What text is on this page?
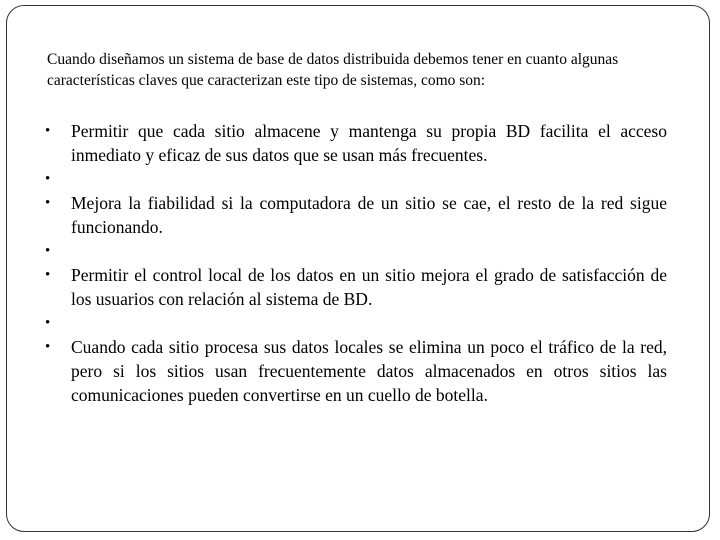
Cuando diseñamos un sistema de base de datos distribuida debemos tener en cuanto algunas características claves que caracterizan este tipo de sistemas, como son:

• Permitir que cada sitio almacene y mantenga su propia BD facilita el acceso inmediato y eficaz de sus datos que se usan más frecuentes.
•
• Mejora la fiabilidad si la computadora de un sitio se cae, el resto de la red sigue funcionando.
•
• Permitir el control local de los datos en un sitio mejora el grado de satisfacción de los usuarios con relación al sistema de BD.
•
• Cuando cada sitio procesa sus datos locales se elimina un poco el tráfico de la red, pero si los sitios usan frecuentemente datos almacenados en otros sitios las comunicaciones pueden convertirse en un cuello de botella.
